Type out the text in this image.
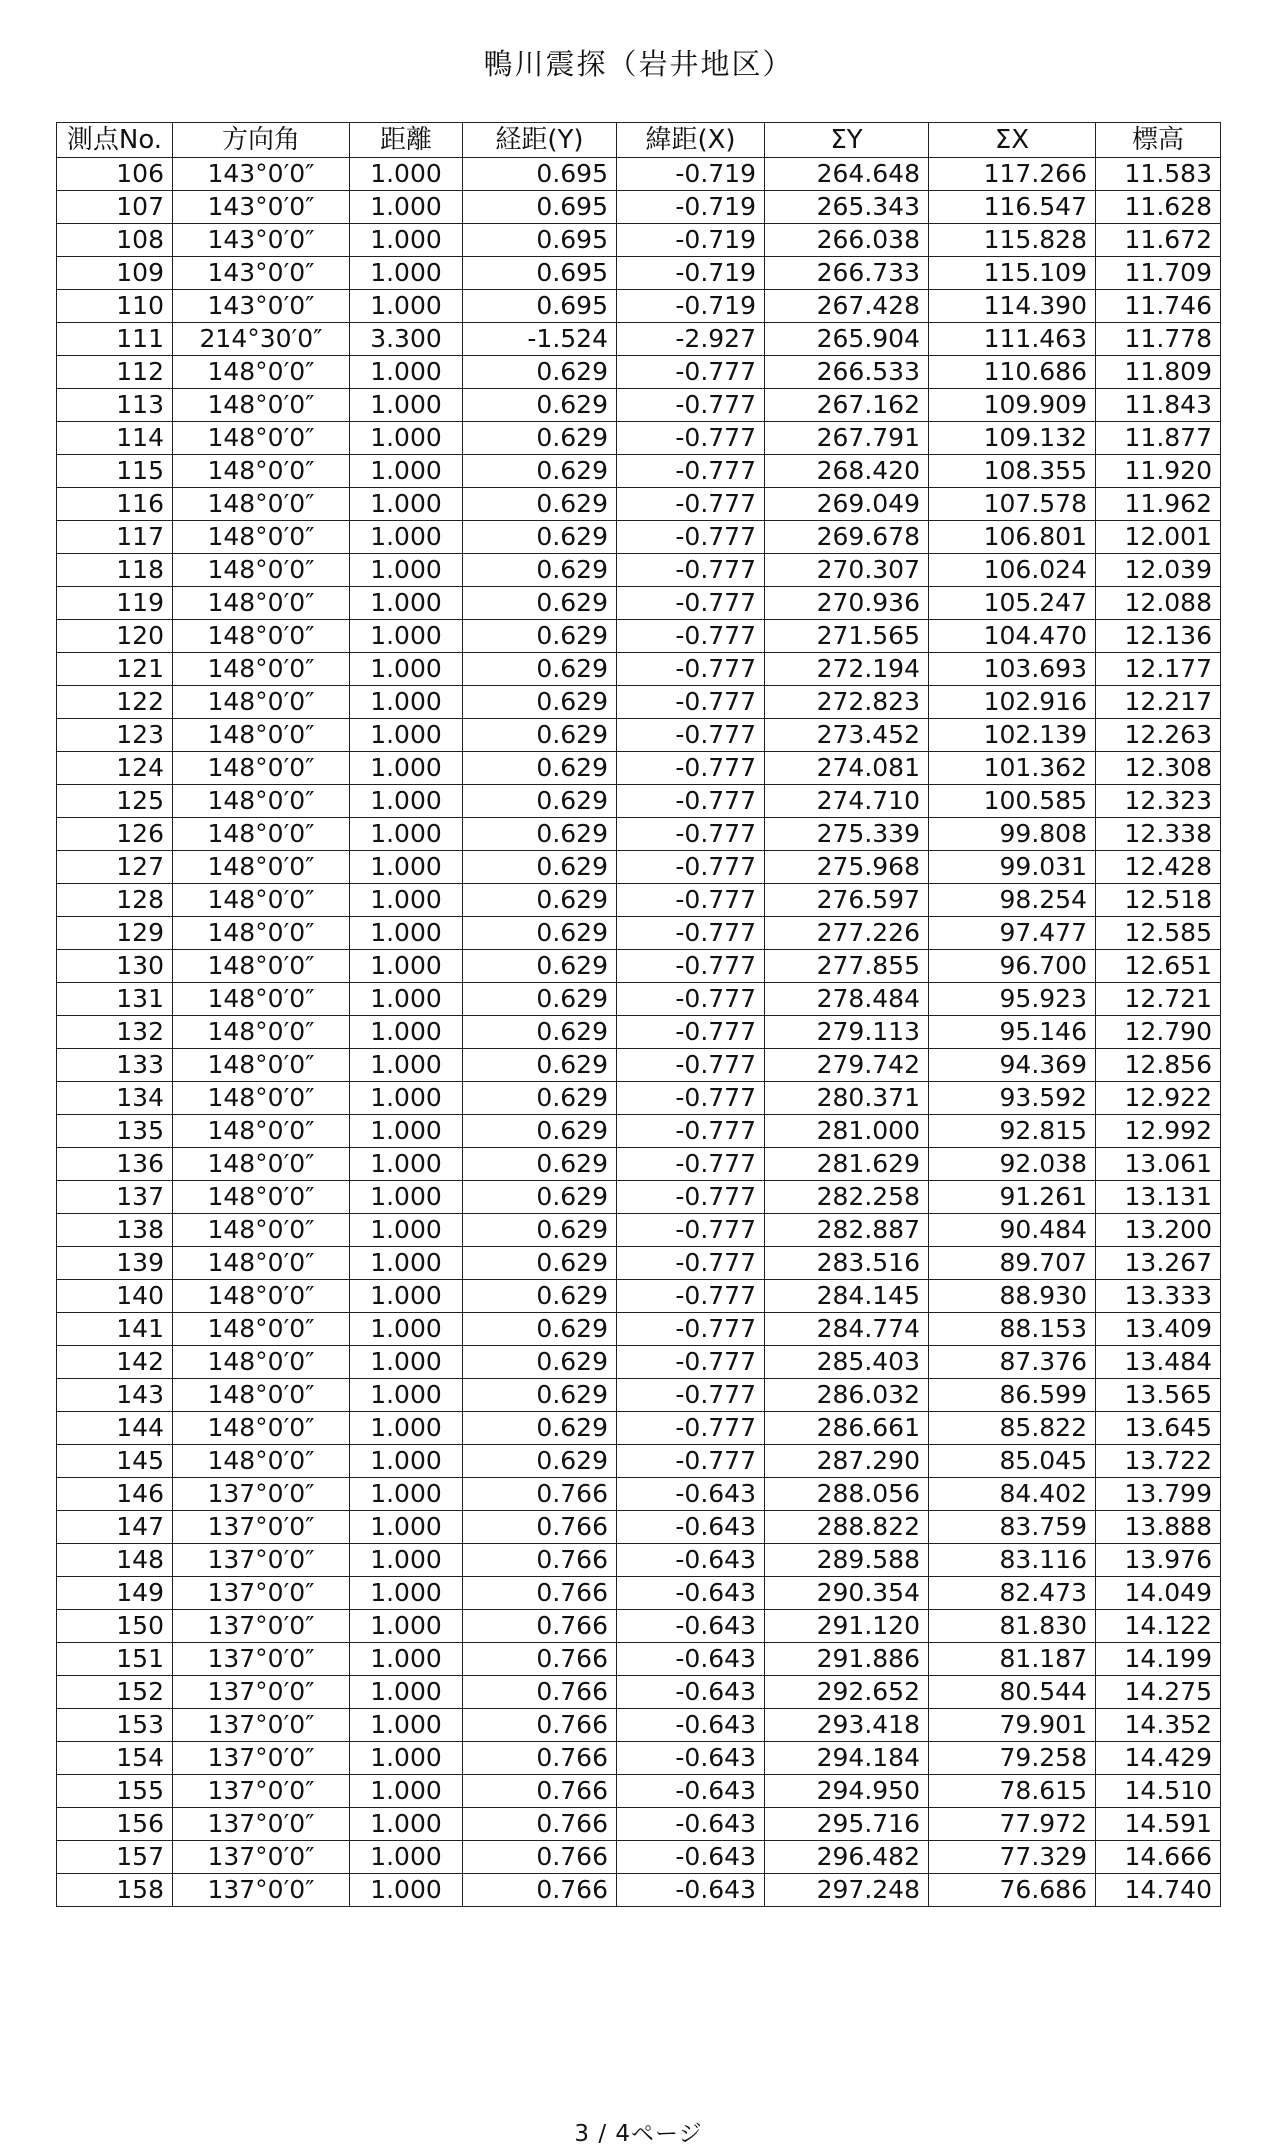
鴨川震探（岩井地区）
測点No.	方向角	距離	経距(Y)	緯距(X)	ΣY	ΣX	標高
106	143°0′0″	1.000	0.695	-0.719	264.648	117.266	11.583
107	143°0′0″	1.000	0.695	-0.719	265.343	116.547	11.628
108	143°0′0″	1.000	0.695	-0.719	266.038	115.828	11.672
109	143°0′0″	1.000	0.695	-0.719	266.733	115.109	11.709
110	143°0′0″	1.000	0.695	-0.719	267.428	114.390	11.746
111	214°30′0″	3.300	-1.524	-2.927	265.904	111.463	11.778
112	148°0′0″	1.000	0.629	-0.777	266.533	110.686	11.809
113	148°0′0″	1.000	0.629	-0.777	267.162	109.909	11.843
114	148°0′0″	1.000	0.629	-0.777	267.791	109.132	11.877
115	148°0′0″	1.000	0.629	-0.777	268.420	108.355	11.920
116	148°0′0″	1.000	0.629	-0.777	269.049	107.578	11.962
117	148°0′0″	1.000	0.629	-0.777	269.678	106.801	12.001
118	148°0′0″	1.000	0.629	-0.777	270.307	106.024	12.039
119	148°0′0″	1.000	0.629	-0.777	270.936	105.247	12.088
120	148°0′0″	1.000	0.629	-0.777	271.565	104.470	12.136
121	148°0′0″	1.000	0.629	-0.777	272.194	103.693	12.177
122	148°0′0″	1.000	0.629	-0.777	272.823	102.916	12.217
123	148°0′0″	1.000	0.629	-0.777	273.452	102.139	12.263
124	148°0′0″	1.000	0.629	-0.777	274.081	101.362	12.308
125	148°0′0″	1.000	0.629	-0.777	274.710	100.585	12.323
126	148°0′0″	1.000	0.629	-0.777	275.339	99.808	12.338
127	148°0′0″	1.000	0.629	-0.777	275.968	99.031	12.428
128	148°0′0″	1.000	0.629	-0.777	276.597	98.254	12.518
129	148°0′0″	1.000	0.629	-0.777	277.226	97.477	12.585
130	148°0′0″	1.000	0.629	-0.777	277.855	96.700	12.651
131	148°0′0″	1.000	0.629	-0.777	278.484	95.923	12.721
132	148°0′0″	1.000	0.629	-0.777	279.113	95.146	12.790
133	148°0′0″	1.000	0.629	-0.777	279.742	94.369	12.856
134	148°0′0″	1.000	0.629	-0.777	280.371	93.592	12.922
135	148°0′0″	1.000	0.629	-0.777	281.000	92.815	12.992
136	148°0′0″	1.000	0.629	-0.777	281.629	92.038	13.061
137	148°0′0″	1.000	0.629	-0.777	282.258	91.261	13.131
138	148°0′0″	1.000	0.629	-0.777	282.887	90.484	13.200
139	148°0′0″	1.000	0.629	-0.777	283.516	89.707	13.267
140	148°0′0″	1.000	0.629	-0.777	284.145	88.930	13.333
141	148°0′0″	1.000	0.629	-0.777	284.774	88.153	13.409
142	148°0′0″	1.000	0.629	-0.777	285.403	87.376	13.484
143	148°0′0″	1.000	0.629	-0.777	286.032	86.599	13.565
144	148°0′0″	1.000	0.629	-0.777	286.661	85.822	13.645
145	148°0′0″	1.000	0.629	-0.777	287.290	85.045	13.722
146	137°0′0″	1.000	0.766	-0.643	288.056	84.402	13.799
147	137°0′0″	1.000	0.766	-0.643	288.822	83.759	13.888
148	137°0′0″	1.000	0.766	-0.643	289.588	83.116	13.976
149	137°0′0″	1.000	0.766	-0.643	290.354	82.473	14.049
150	137°0′0″	1.000	0.766	-0.643	291.120	81.830	14.122
151	137°0′0″	1.000	0.766	-0.643	291.886	81.187	14.199
152	137°0′0″	1.000	0.766	-0.643	292.652	80.544	14.275
153	137°0′0″	1.000	0.766	-0.643	293.418	79.901	14.352
154	137°0′0″	1.000	0.766	-0.643	294.184	79.258	14.429
155	137°0′0″	1.000	0.766	-0.643	294.950	78.615	14.510
156	137°0′0″	1.000	0.766	-0.643	295.716	77.972	14.591
157	137°0′0″	1.000	0.766	-0.643	296.482	77.329	14.666
158	137°0′0″	1.000	0.766	-0.643	297.248	76.686	14.740
3 / 4ページ
